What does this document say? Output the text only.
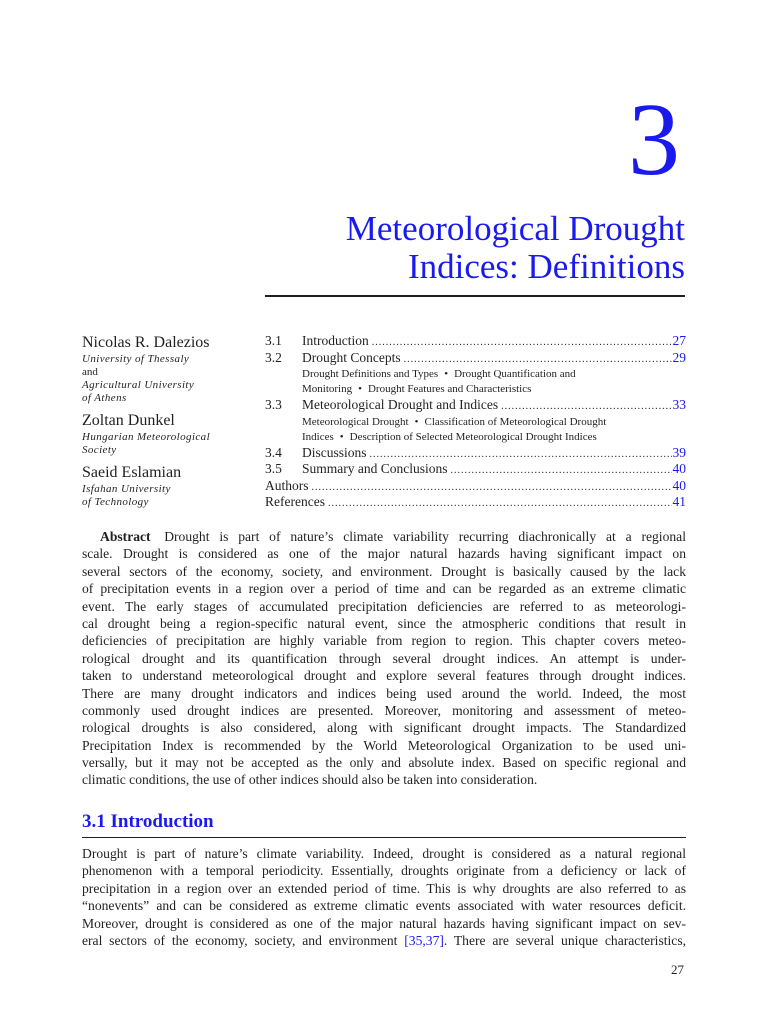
3
Meteorological Drought
Indices: Definitions
Nicolas R. Dalezios
University of Thessaly
and
Agricultural University
of Athens
Zoltan Dunkel
Hungarian Meteorological
Society
Saeid Eslamian
Isfahan University
of Technology
3.1	Introduction .....	27
3.2	Drought Concepts .....	29
Drought Definitions and Types • Drought Quantification and
Monitoring • Drought Features and Characteristics
3.3	Meteorological Drought and Indices .....	33
Meteorological Drought • Classification of Meteorological Drought
Indices • Description of Selected Meteorological Drought Indices
3.4	Discussions .....	39
3.5	Summary and Conclusions .....	40
Authors .....	40
References .....	41
Abstract  Drought is part of nature’s climate variability recurring diachronically at a regional
scale. Drought is considered as one of the major natural hazards having significant impact on
several sectors of the economy, society, and environment. Drought is basically caused by the lack
of precipitation events in a region over a period of time and can be regarded as an extreme climatic
event. The early stages of accumulated precipitation deficiencies are referred to as meteorologi-
cal drought being a region-specific natural event, since the atmospheric conditions that result in
deficiencies of precipitation are highly variable from region to region. This chapter covers meteo-
rological drought and its quantification through several drought indices. An attempt is under-
taken to understand meteorological drought and explore several features through drought indices.
There are many drought indicators and indices being used around the world. Indeed, the most
commonly used drought indices are presented. Moreover, monitoring and assessment of meteo-
rological droughts is also considered, along with significant drought impacts. The Standardized
Precipitation Index is recommended by the World Meteorological Organization to be used uni-
versally, but it may not be accepted as the only and absolute index. Based on specific regional and
climatic conditions, the use of other indices should also be taken into consideration.
3.1 Introduction
Drought is part of nature’s climate variability. Indeed, drought is considered as a natural regional
phenomenon with a temporal periodicity. Essentially, droughts originate from a deficiency or lack of
precipitation in a region over an extended period of time. This is why droughts are also referred to as
“nonevents” and can be considered as extreme climatic events associated with water resources deficit.
Moreover, drought is considered as one of the major natural hazards having significant impact on sev-
eral sectors of the economy, society, and environment [35,37]. There are several unique characteristics,
27
